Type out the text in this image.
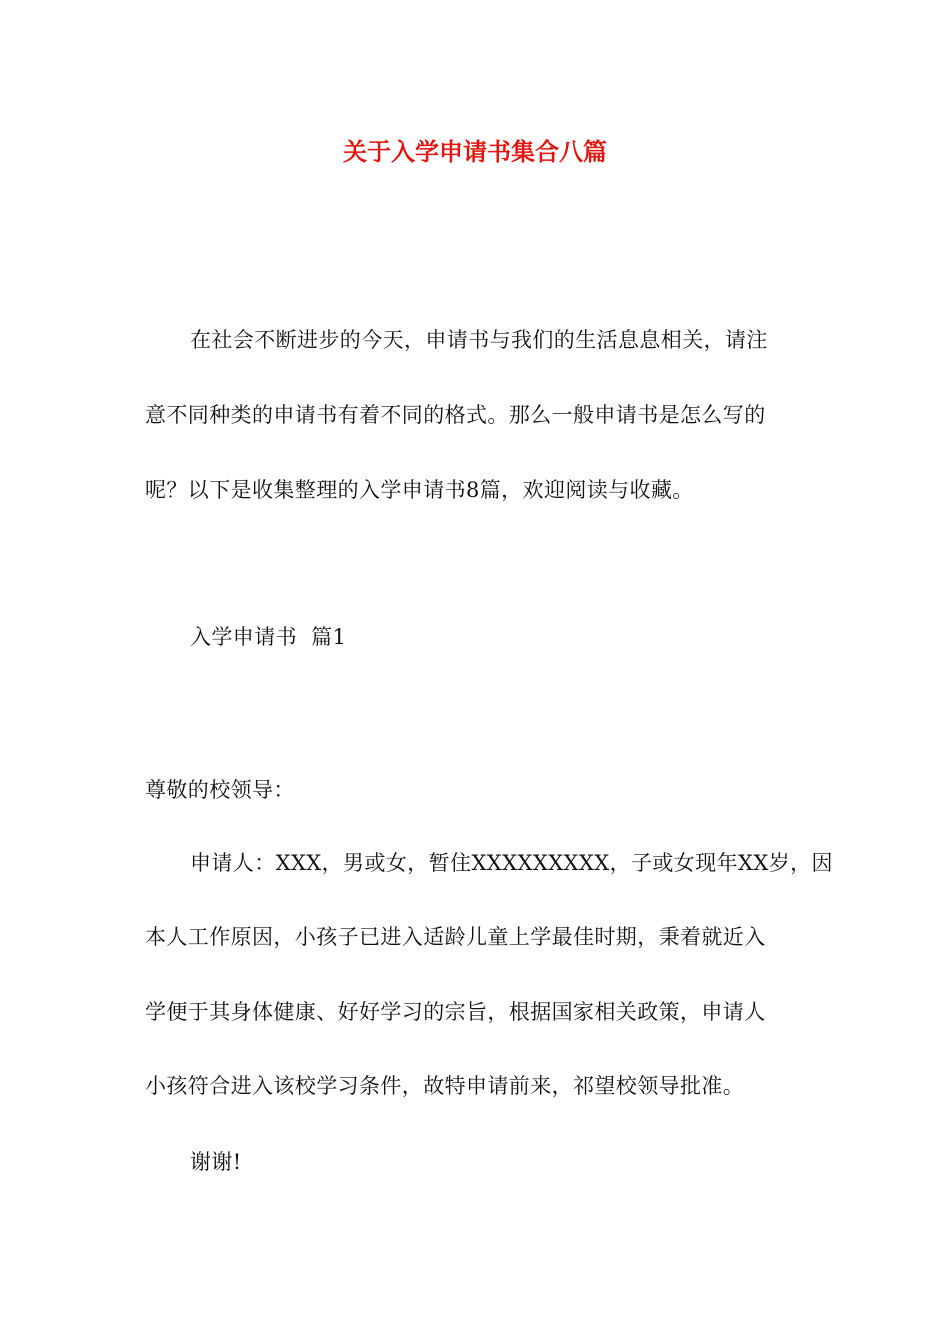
关于入学申请书集合八篇

在社会不断进步的今天，申请书与我们的生活息息相关，请注

意不同种类的申请书有着不同的格式。那么一般申请书是怎么写的

呢？以下是收集整理的入学申请书8篇，欢迎阅读与收藏。

入学申请书  篇1

尊敬的校领导：

申请人：XXX，男或女，暂住XXXXXXXXX，子或女现年XX岁，因

本人工作原因，小孩子已进入适龄儿童上学最佳时期，秉着就近入

学便于其身体健康、好好学习的宗旨，根据国家相关政策，申请人

小孩符合进入该校学习条件，故特申请前来，祁望校领导批准。

谢谢!
